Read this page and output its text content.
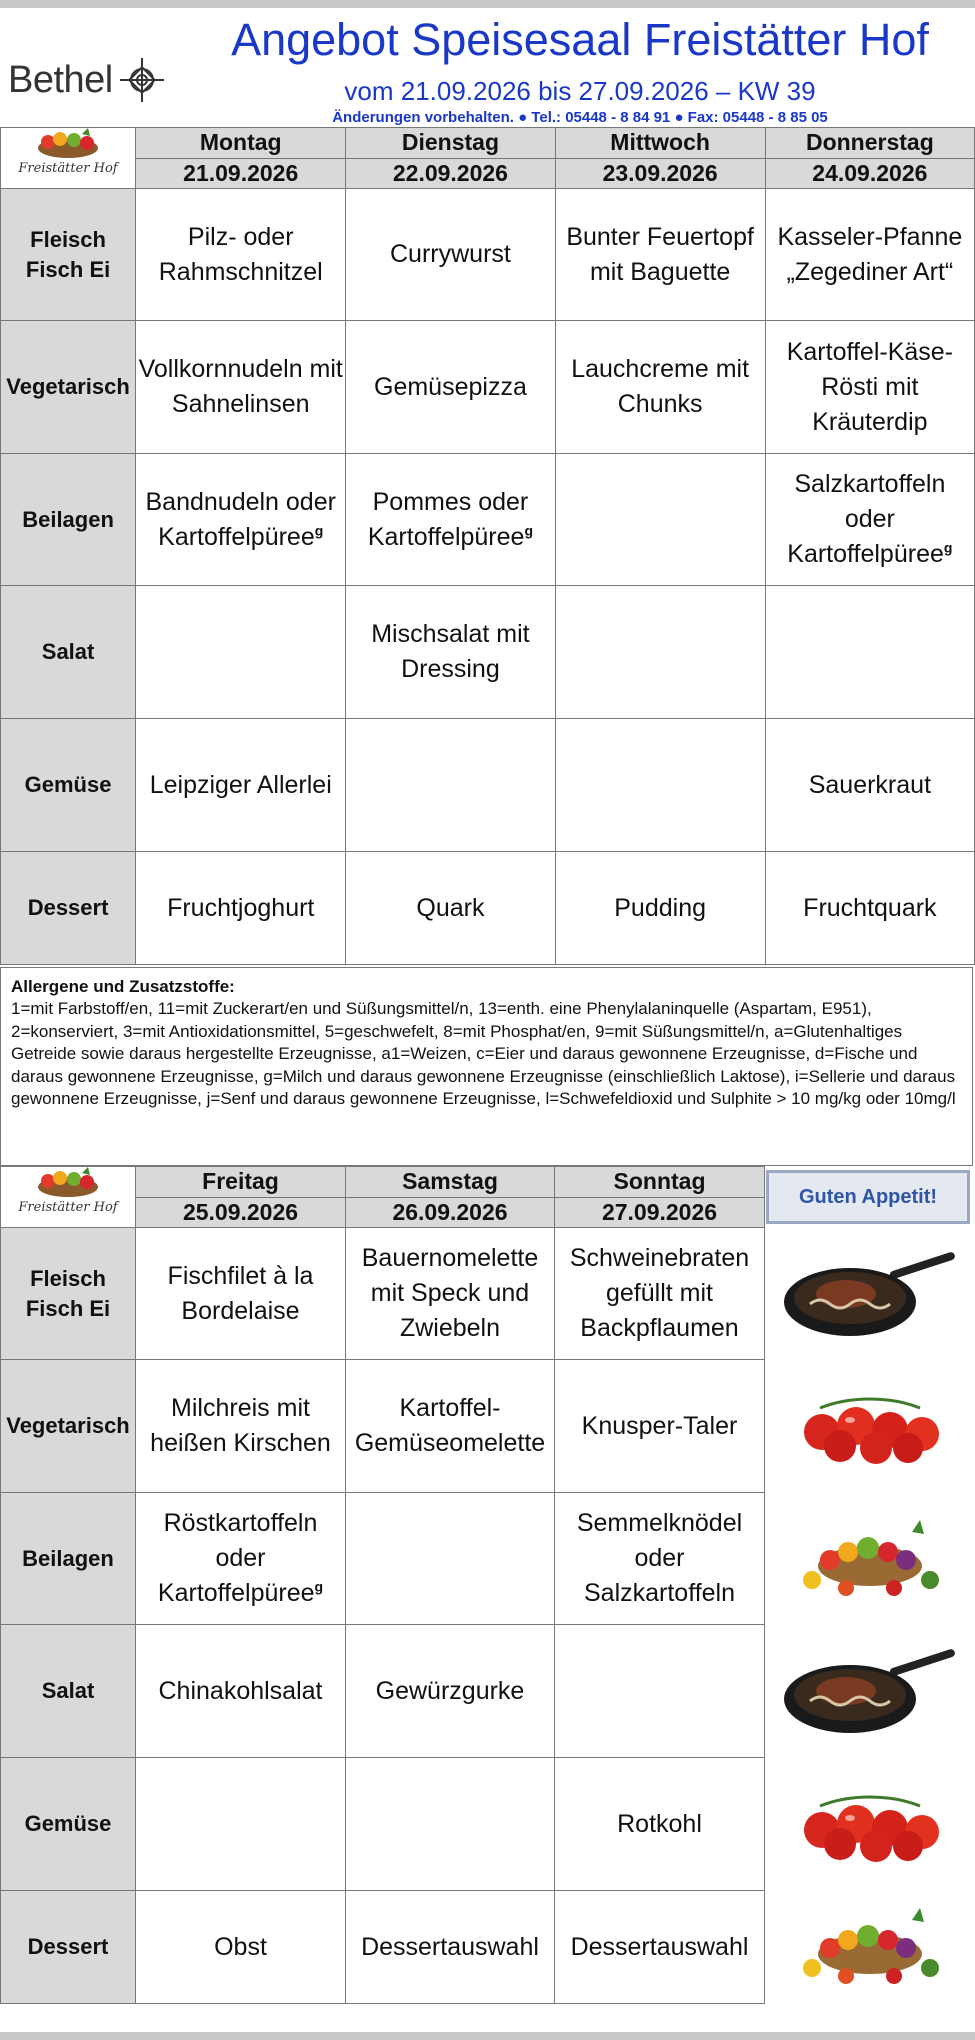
Bethel
Angebot Speisesaal Freistätter Hof
vom 21.09.2026 bis 27.09.2026 – KW 39
Änderungen vorbehalten. ● Tel.: 05448 - 8 84 91 ● Fax: 05448 - 8 85 05
Freistätter Hof	Montag	Dienstag	Mittwoch	Donnerstag
	21.09.2026	22.09.2026	23.09.2026	24.09.2026
Fleisch Fisch Ei	Pilz- oder Rahmschnitzel	Currywurst	Bunter Feuertopf mit Baguette	Kasseler-Pfanne „Zegediner Art“
Vegetarisch	Vollkornnudeln mit Sahnelinsen	Gemüsepizza	Lauchcreme mit Chunks	Kartoffel-Käse-Rösti mit Kräuterdip
Beilagen	Bandnudeln oder Kartoffelpüree$^g$	Pommes oder Kartoffelpüree$^g$		Salzkartoffeln oder Kartoffelpüree$^g$
Salat		Mischsalat mit Dressing		
Gemüse	Leipziger Allerlei			Sauerkraut
Dessert	Fruchtjoghurt	Quark	Pudding	Fruchtquark
Allergene und Zusatzstoffe:
1=mit Farbstoff/en, 11=mit Zuckerart/en und Süßungsmittel/n, 13=enth. eine Phenylalaninquelle (Aspartam, E951), 2=konserviert, 3=mit Antioxidationsmittel, 5=geschwefelt, 8=mit Phosphat/en, 9=mit Süßungsmittel/n, a=Glutenhaltiges Getreide sowie daraus hergestellte Erzeugnisse, a1=Weizen, c=Eier und daraus gewonnene Erzeugnisse, d=Fische und daraus gewonnene Erzeugnisse, g=Milch und daraus gewonnene Erzeugnisse (einschließlich Laktose), i=Sellerie und daraus gewonnene Erzeugnisse, j=Senf und daraus gewonnene Erzeugnisse, l=Schwefeldioxid und Sulphite > 10 mg/kg oder 10mg/l
Freistätter Hof	Freitag	Samstag	Sonntag	
	25.09.2026	26.09.2026	27.09.2026	
Fleisch Fisch Ei	Fischfilet à la Bordelaise	Bauernomelette mit Speck und Zwiebeln	Schweinebraten gefüllt mit Backpflaumen	

Vegetarisch	Milchreis mit heißen Kirschen	Kartoffel-Gemüseomelette	Knusper-Taler	

Beilagen	Röstkartoffeln oder Kartoffelpüree$^g$		Semmelknödel oder Salzkartoffeln	

Salat	Chinakohlsalat	Gewürzgurke		

Gemüse			Rotkohl	

Dessert	Obst	Dessertauswahl	Dessertauswahl	
Guten Appetit!
